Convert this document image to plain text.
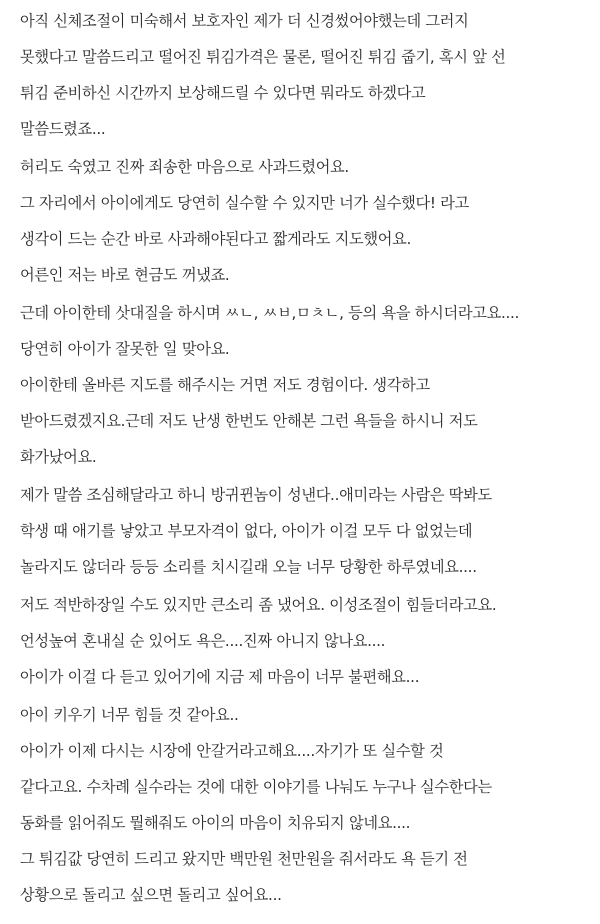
아직 신체조절이 미숙해서 보호자인 제가 더 신경썼어야했는데 그러지
못했다고 말씀드리고 떨어진 튀김가격은 물론, 떨어진 튀김 줍기, 혹시 앞 선
튀김 준비하신 시간까지 보상해드릴 수 있다면 뭐라도 하겠다고
말씀드렸죠...
허리도 숙였고 진짜 죄송한 마음으로 사과드렸어요.
그 자리에서 아이에게도 당연히 실수할 수 있지만 너가 실수했다! 라고
생각이 드는 순간 바로 사과해야된다고 짧게라도 지도했어요.
어른인 저는 바로 현금도 꺼냈죠.
근데 아이한테 삿대질을 하시며 ㅆㄴ, ㅆㅂ,ㅁㅊㄴ, 등의 욕을 하시더라고요....
당연히 아이가 잘못한 일 맞아요.
아이한테 올바른 지도를 해주시는 거면 저도 경험이다. 생각하고
받아드렸겠지요.근데 저도 난생 한번도 안해본 그런 욕들을 하시니 저도
화가났어요.
제가 말씀 조심해달라고 하니 방귀뀐놈이 성낸다..애미라는 사람은 딱봐도
학생 때 애기를 낳았고 부모자격이 없다, 아이가 이걸 모두 다 없었는데
놀라지도 않더라 등등 소리를 치시길래 오늘 너무 당황한 하루였네요....
저도 적반하장일 수도 있지만 큰소리 좀 냈어요. 이성조절이 힘들더라고요.
언성높여 혼내실 순 있어도 욕은....진짜 아니지 않나요....
아이가 이걸 다 듣고 있어기에 지금 제 마음이 너무 불편해요...
아이 키우기 너무 힘들 것 같아요..
아이가 이제 다시는 시장에 안갈거라고해요....자기가 또 실수할 것
같다고요. 수차례 실수라는 것에 대한 이야기를 나눠도 누구나 실수한다는
동화를 읽어줘도 뭘해줘도 아이의 마음이 치유되지 않네요....
그 튀김값 당연히 드리고 왔지만 백만원 천만원을 줘서라도 욕 듣기 전
상황으로 돌리고 싶으면 돌리고 싶어요...
